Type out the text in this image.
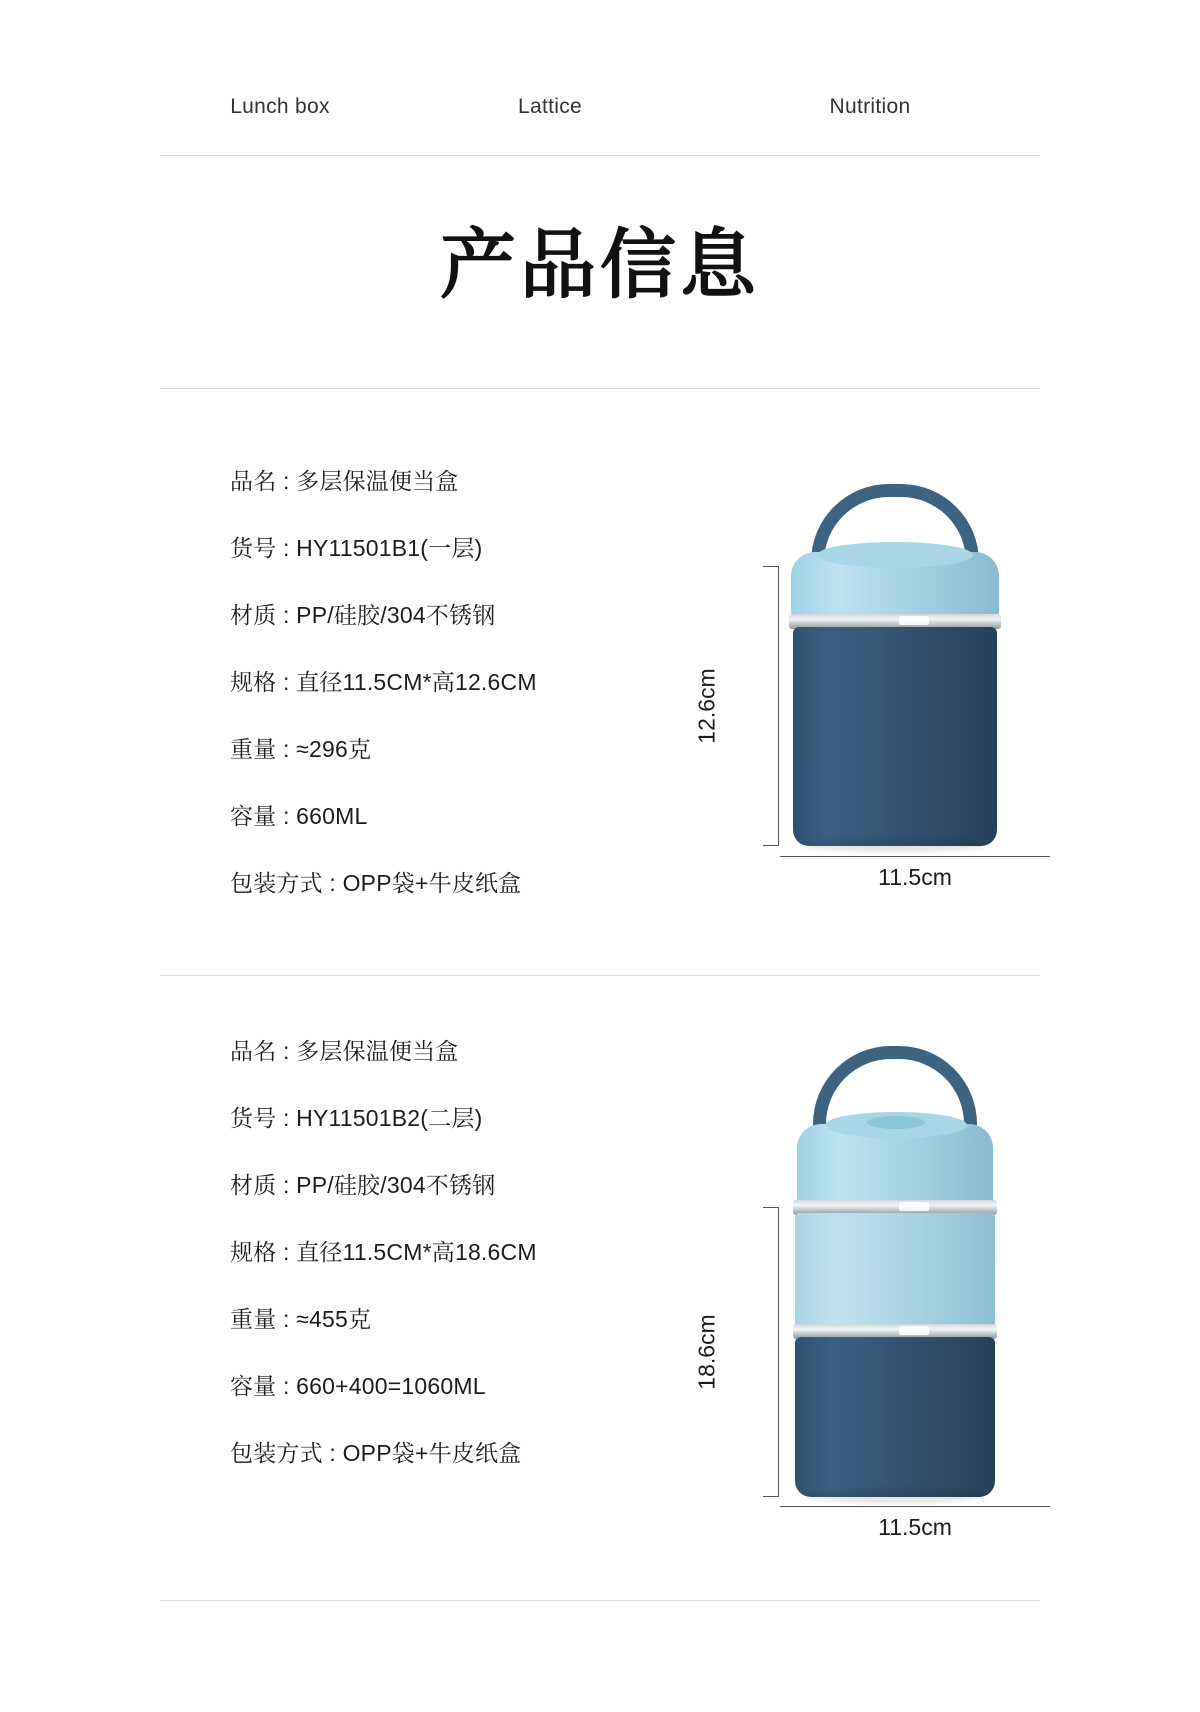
Lunch box	Lattice	Nutrition
产品信息
品名 : 多层保温便当盒
货号 : HY11501B1(一层)
材质 : PP/硅胶/304不锈钢
规格 : 直径11.5CM*高12.6CM
重量 : ≈296克
容量 : 660ML
包装方式 : OPP袋+牛皮纸盒
12.6cm
11.5cm
品名 : 多层保温便当盒
货号 : HY11501B2(二层)
材质 : PP/硅胶/304不锈钢
规格 : 直径11.5CM*高18.6CM
重量 : ≈455克
容量 : 660+400=1060ML
包装方式 : OPP袋+牛皮纸盒
18.6cm
11.5cm
